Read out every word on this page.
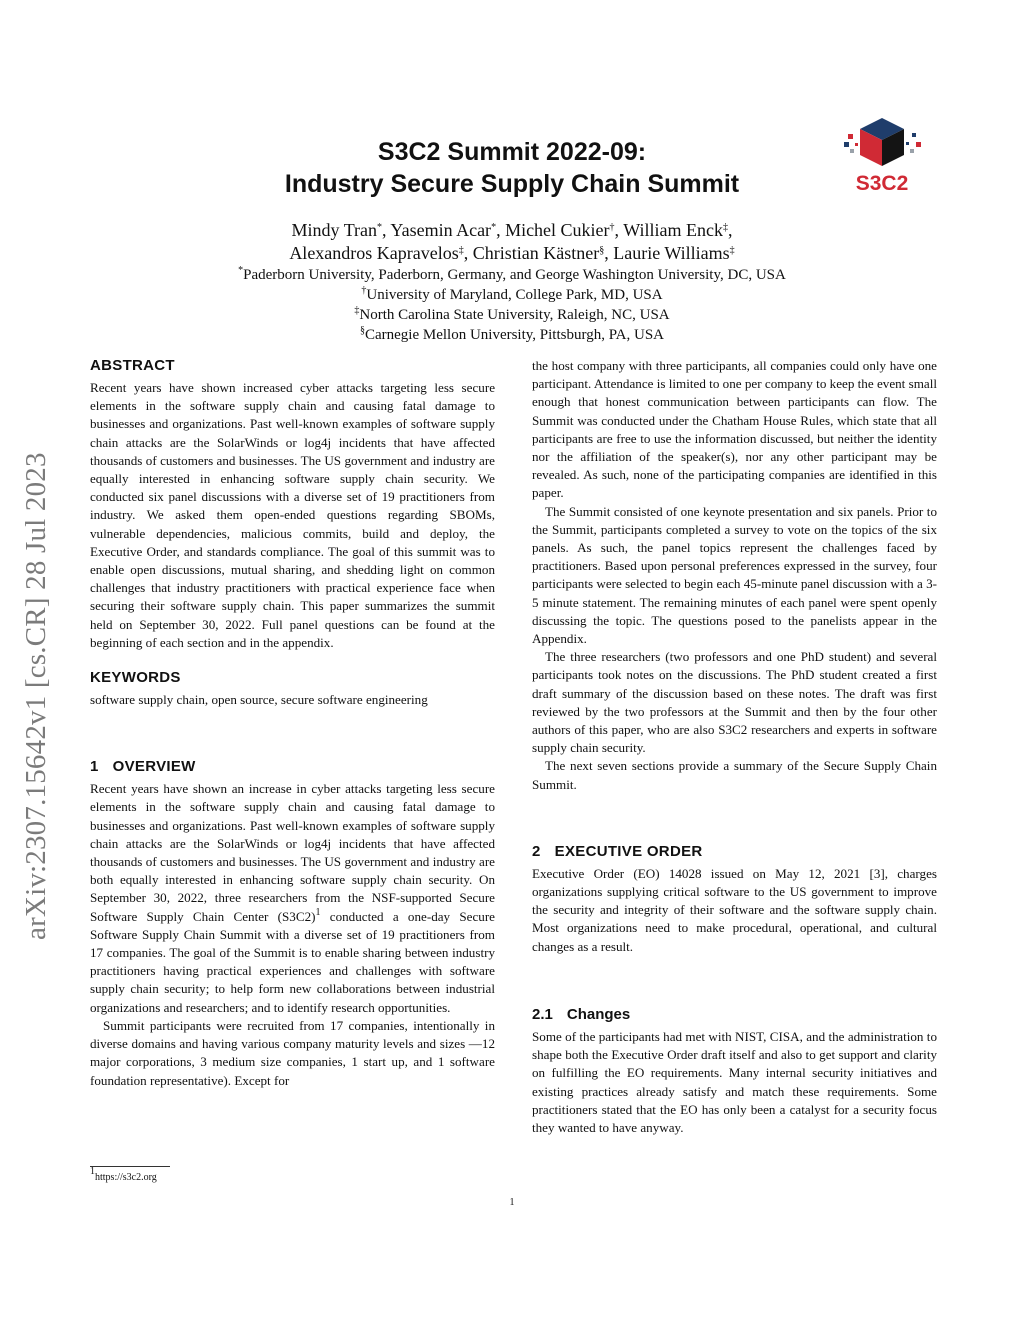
arXiv:2307.15642v1 [cs.CR] 28 Jul 2023
S3C2
S3C2 Summit 2022-09:
Industry Secure Supply Chain Summit
Mindy Tran*, Yasemin Acar*, Michel Cukier†, William Enck‡,
Alexandros Kapravelos‡, Christian Kästner§, Laurie Williams‡
*Paderborn University, Paderborn, Germany, and George Washington University, DC, USA
†University of Maryland, College Park, MD, USA
‡North Carolina State University, Raleigh, NC, USA
§Carnegie Mellon University, Pittsburgh, PA, USA
ABSTRACT

Recent years have shown increased cyber attacks targeting less secure elements in the software supply chain and causing fatal damage to businesses and organizations. Past well-known examples of software supply chain attacks are the SolarWinds or log4j incidents that have affected thousands of customers and businesses. The US government and industry are equally interested in enhancing software supply chain security. We conducted six panel discussions with a diverse set of 19 practitioners from industry. We asked them open-ended questions regarding SBOMs, vulnerable dependencies, malicious commits, build and deploy, the Executive Order, and standards compliance. The goal of this summit was to enable open discussions, mutual sharing, and shedding light on common challenges that industry practitioners with practical experience face when securing their software supply chain. This paper summarizes the summit held on September 30, 2022. Full panel questions can be found at the beginning of each section and in the appendix.

KEYWORDS

software supply chain, open source, secure software engineering

1 OVERVIEW

Recent years have shown an increase in cyber attacks targeting less secure elements in the software supply chain and causing fatal damage to businesses and organizations. Past well-known examples of software supply chain attacks are the SolarWinds or log4j incidents that have affected thousands of customers and businesses. The US government and industry are both equally interested in enhancing software supply chain security. On September 30, 2022, three researchers from the NSF-supported Secure Software Supply Chain Center $(S3C2)^1$ conducted a one-day Secure Software Supply Chain Summit with a diverse set of 19 practitioners from 17 companies. The goal of the Summit is to enable sharing between industry practitioners having practical experiences and challenges with software supply chain security; to help form new collaborations between industrial organizations and researchers; and to identify research opportunities.

Summit participants were recruited from 17 companies, intentionally in diverse domains and having various company maturity levels and sizes —12 major corporations, 3 medium size companies, 1 start up, and 1 software foundation representative). Except for

the host company with three participants, all companies could only have one participant. Attendance is limited to one per company to keep the event small enough that honest communication between participants can flow. The Summit was conducted under the Chatham House Rules, which state that all participants are free to use the information discussed, but neither the identity nor the affiliation of the speaker(s), nor any other participant may be revealed. As such, none of the participating companies are identified in this paper.

The Summit consisted of one keynote presentation and six panels. Prior to the Summit, participants completed a survey to vote on the topics of the six panels. As such, the panel topics represent the challenges faced by practitioners. Based upon personal preferences expressed in the survey, four participants were selected to begin each 45-minute panel discussion with a 3-5 minute statement. The remaining minutes of each panel were spent openly discussing the topic. The questions posed to the panelists appear in the Appendix.

The three researchers (two professors and one PhD student) and several participants took notes on the discussions. The PhD student created a first draft summary of the discussion based on these notes. The draft was first reviewed by the two professors at the Summit and then by the four other authors of this paper, who are also S3C2 researchers and experts in software supply chain security.

The next seven sections provide a summary of the Secure Supply Chain Summit.

2 EXECUTIVE ORDER

Executive Order (EO) 14028 issued on May 12, 2021 [3], charges organizations supplying critical software to the US government to improve the security and integrity of their software and the software supply chain. Most organizations need to make procedural, operational, and cultural changes as a result.

2.1 Changes

Some of the participants had met with NIST, CISA, and the administration to shape both the Executive Order draft itself and also to get support and clarity on fulfilling the EO requirements. Many internal security initiatives and existing practices already satisfy and match these requirements. Some practitioners stated that the EO has only been a catalyst for a security focus they wanted to have anyway.

$^1$https://s3c2.org
1
